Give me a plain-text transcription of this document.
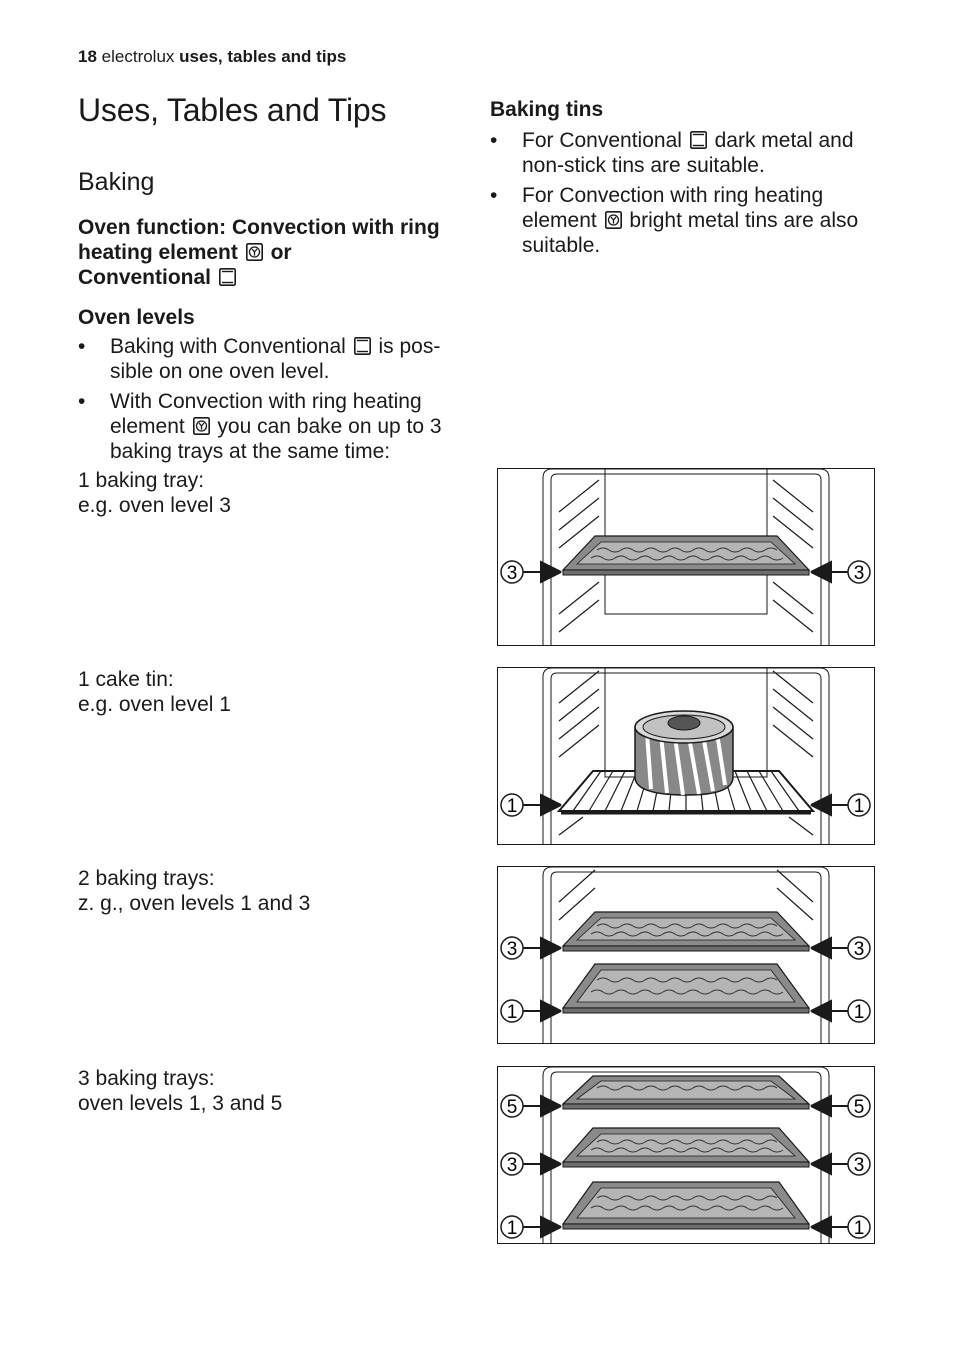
18 electrolux uses, tables and tips
Uses, Tables and Tips
Baking
Oven function: Convection with ring
heating element or
Conventional
Oven levels
• Baking with Conventional is pos-
sible on one oven level.
• With Convection with ring heating
element you can bake on up to 3
baking trays at the same time:
Baking tins
• For Conventional dark metal and
non-stick tins are suitable.
• For Convection with ring heating
element bright metal tins are also
suitable.
1 baking tray:
e.g. oven level 3
1 cake tin:
e.g. oven level 1
2 baking trays:
z. g., oven levels 1 and 3
3 baking trays:
oven levels 1, 3 and 5
3	3
1	1
3
1
3
1
5
3
1
5
3
1
